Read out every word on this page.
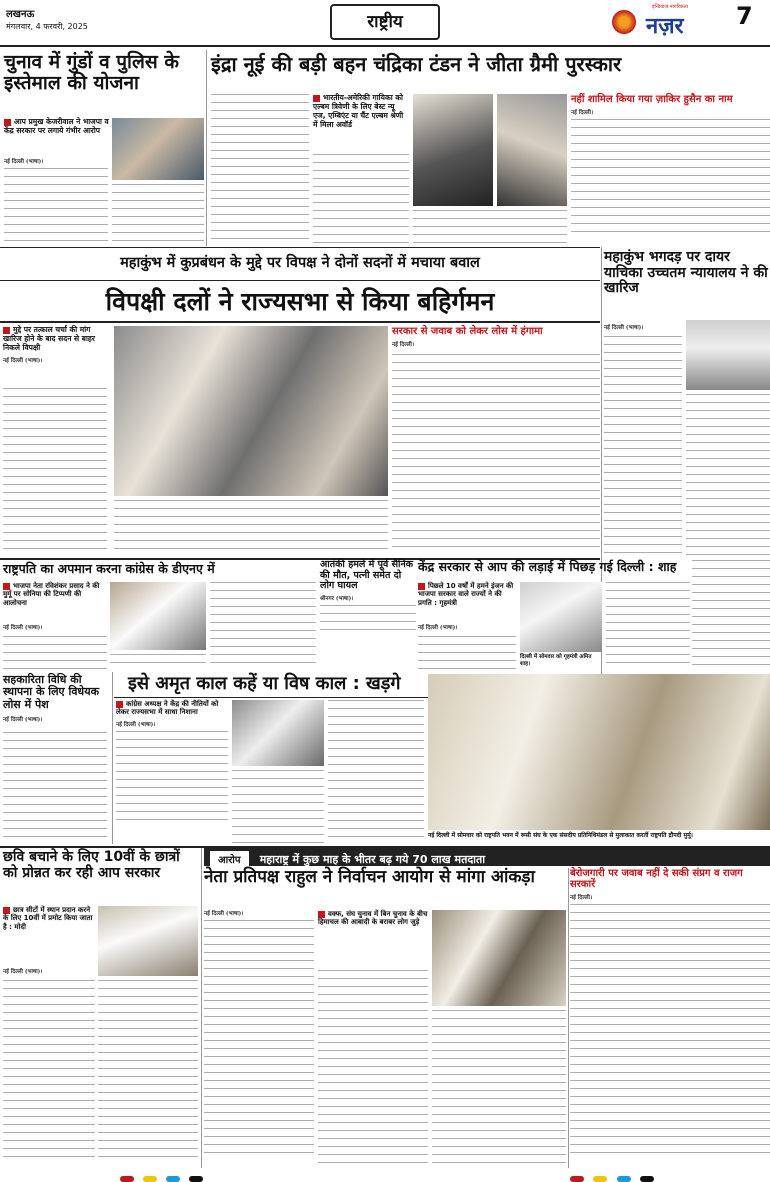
लखनऊ
मंगलवार, 4 फरवरी, 2025	राष्ट्रीय
इन्डियाज़ नागरिकता
नज़र 7
चुनाव में गुंडों व पुलिस के इस्तेमाल की योजना
आप प्रमुख केजरीवाल ने भाजपा व केंद्र सरकार पर लगाये गंभीर आरोप
नई दिल्ली (भाषा)।
इंद्रा नूई की बड़ी बहन चंद्रिका टंडन ने जीता ग्रैमी पुरस्कार
भारतीय-अमेरिकी गायिका को एल्बम त्रिवेणी के लिए बेस्ट न्यू एज, एम्बिएंट या चैंट एल्बम श्रेणी में मिला अवॉर्ड
नहीं शामिल किया गया ज़ाकिर हुसैन का नाम
नई दिल्ली।
महाकुंभ में कुप्रबंधन के मुद्दे पर विपक्ष ने दोनों सदनों में मचाया बवाल
विपक्षी दलों ने राज्यसभा से किया बहिर्गमन
मुद्दे पर तत्काल चर्चा की मांग खारिज होने के बाद सदन से बाहर निकले विपक्षी
नई दिल्ली (भाषा)।
सरकार से जवाब को लेकर लोस में हंगामा
नई दिल्ली।
महाकुंभ भगदड़ पर दायर याचिका उच्चतम न्यायालय ने की खारिज
नई दिल्ली (भाषा)।
राष्ट्रपति का अपमान करना कांग्रेस के डीएनए में
भाजपा नेता रविशंकर प्रसाद ने की मुर्मू पर सोनिया की टिप्पणी की आलोचना
नई दिल्ली (भाषा)।
आतंकी हमले में पूर्व सैनिक की मौत, पत्नी समेत दो लोग घायल
श्रीनगर (भाषा)।
केंद्र सरकार से आप की लड़ाई में पिछड़ गई दिल्ली : शाह
पिछले 10 वर्षों में हमने इंजन की भाजपा सरकार वाले राज्यों ने की प्रगति : गृहमंत्री
नई दिल्ली (भाषा)।
दिल्ली में सोमवार को गृहमंत्री अमित शाह।
सहकारिता विधि की स्थापना के लिए विधेयक लोस में पेश
नई दिल्ली (भाषा)।
इसे अमृत काल कहें या विष काल : खड़गे
कांग्रेस अध्यक्ष ने केंद्र की नीतियों को लेकर राज्यसभा में साधा निशाना
नई दिल्ली (भाषा)।
नई दिल्ली में सोमवार को राष्ट्रपति भवन में रूसी संघ के एक संसदीय प्रतिनिधिमंडल से मुलाकात करतीं राष्ट्रपति द्रौपदी मुर्मू।
छवि बचाने के लिए 10वीं के छात्रों को प्रोन्नत कर रही आप सरकार
छात्र सीटों में स्थान प्रदान करने के लिए 10वीं में प्रमोट किया जाता है : मोदी
नई दिल्ली (भाषा)।
आरोप महाराष्ट्र में कुछ माह के भीतर बढ़ गये 70 लाख मतदाता
नेता प्रतिपक्ष राहुल ने निर्वाचन आयोग से मांगा आंकड़ा
नई दिल्ली (भाषा)।	वक्फ, संघ चुनाव में बिन चुनाव के बीच हिमाचल की आबादी के बराबर लोग जुड़े
बेरोजगारी पर जवाब नहीं दे सकी संप्रग व राजग सरकारें
नई दिल्ली।
